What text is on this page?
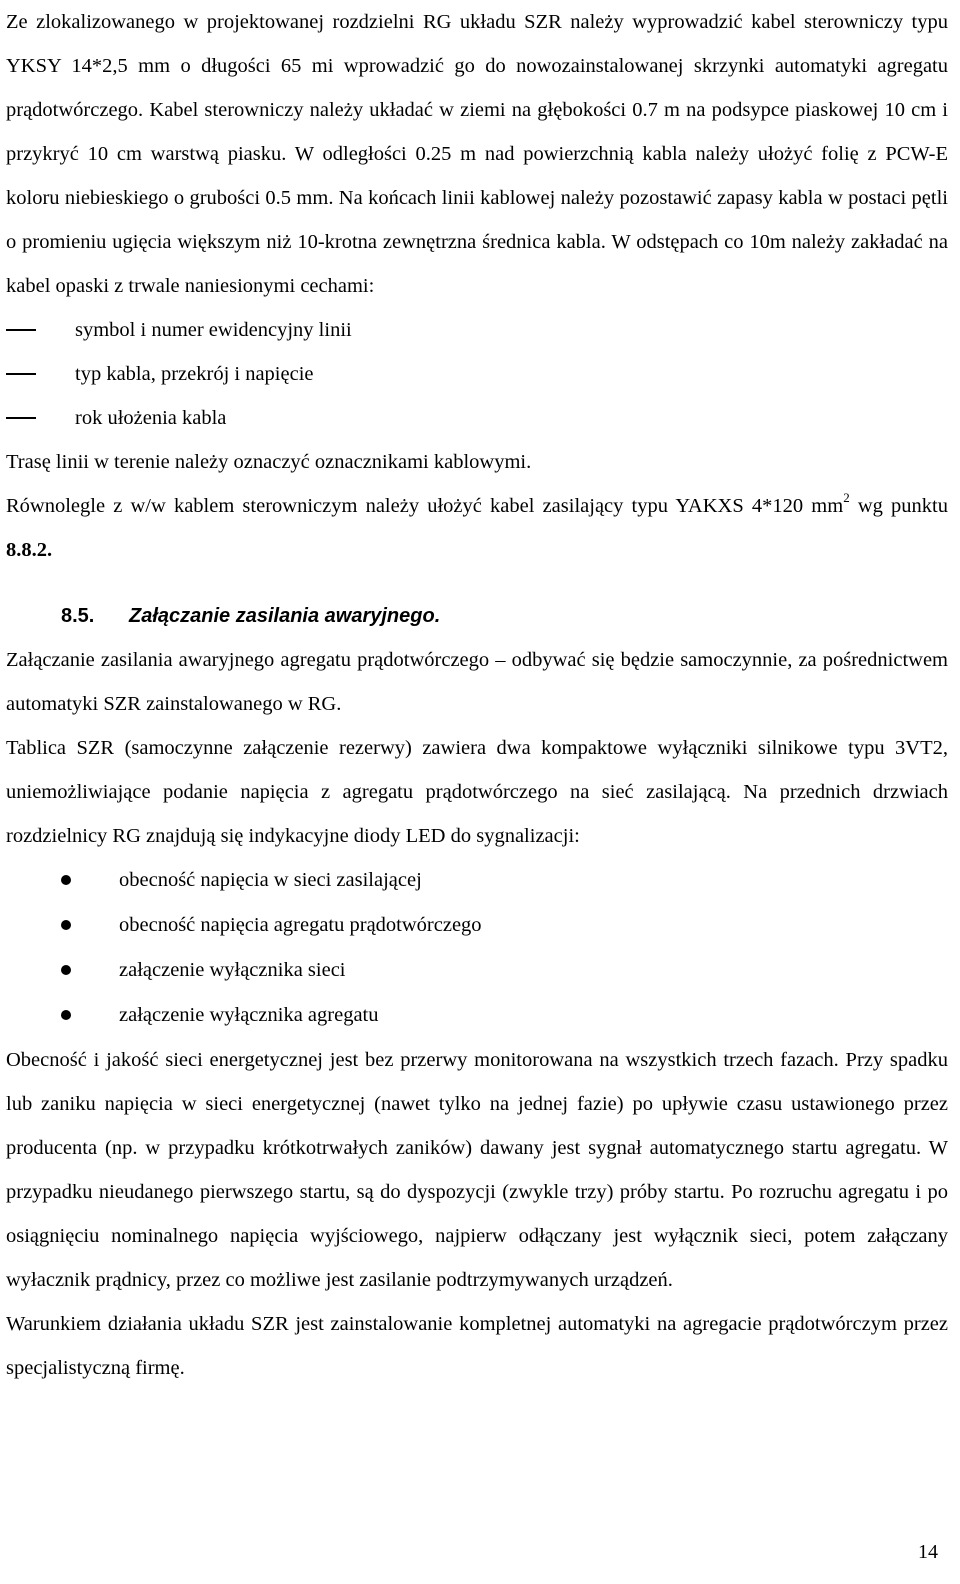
Ze zlokalizowanego w projektowanej rozdzielni RG układu SZR należy wyprowadzić kabel sterowniczy typu YKSY 14*2,5 mm o długości 65 mi wprowadzić go do nowozainstalowanej skrzynki automatyki agregatu prądotwórczego. Kabel sterowniczy należy układać w ziemi na głębokości 0.7 m na podsypce piaskowej 10 cm i przykryć 10 cm warstwą piasku. W odległości 0.25 m nad powierzchnią kabla należy ułożyć folię z PCW-E koloru niebieskiego o grubości 0.5 mm. Na końcach linii kablowej należy pozostawić zapasy kabla w postaci pętli o promieniu ugięcia większym niż 10-krotna zewnętrzna średnica kabla. W odstępach co 10m należy zakładać na kabel opaski z trwale naniesionymi cechami:

symbol i numer ewidencyjny linii
typ kabla, przekrój i napięcie
rok ułożenia kabla

Trasę linii w terenie należy oznaczyć oznacznikami kablowymi.

Równolegle z w/w kablem sterowniczym należy ułożyć kabel zasilający typu YAKXS 4*120 $mm^2$ wg punktu 8.8.2.

8.5. Załączanie zasilania awaryjnego.

Załączanie zasilania awaryjnego agregatu prądotwórczego – odbywać się będzie samoczynnie, za pośrednictwem automatyki SZR zainstalowanego w RG.

Tablica SZR (samoczynne załączenie rezerwy) zawiera dwa kompaktowe wyłączniki silnikowe typu 3VT2, uniemożliwiające podanie napięcia z agregatu prądotwórczego na sieć zasilającą. Na przednich drzwiach rozdzielnicy RG znajdują się indykacyjne diody LED do sygnalizacji:

obecność napięcia w sieci zasilającej
obecność napięcia agregatu prądotwórczego
załączenie wyłącznika sieci
załączenie wyłącznika agregatu

Obecność i jakość sieci energetycznej jest bez przerwy monitorowana na wszystkich trzech fazach. Przy spadku lub zaniku napięcia w sieci energetycznej (nawet tylko na jednej fazie) po upływie czasu ustawionego przez producenta (np. w przypadku krótkotrwałych zaników) dawany jest sygnał automatycznego startu agregatu. W przypadku nieudanego pierwszego startu, są do dyspozycji (zwykle trzy) próby startu. Po rozruchu agregatu i po osiągnięciu nominalnego napięcia wyjściowego, najpierw odłączany jest wyłącznik sieci, potem załączany wyłacznik prądnicy, przez co możliwe jest zasilanie podtrzymywanych urządzeń.

Warunkiem działania układu SZR jest zainstalowanie kompletnej automatyki na agregacie prądotwórczym przez specjalistyczną firmę.

14
